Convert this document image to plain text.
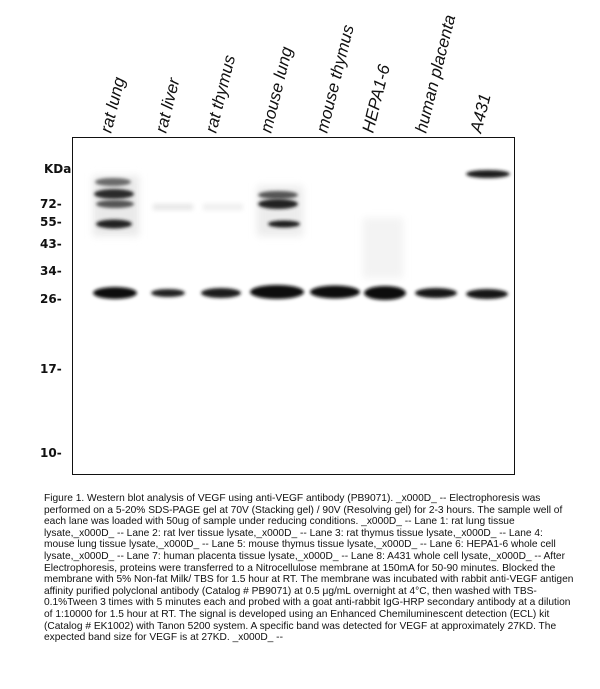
rat lung rat liver rat thymus mouse lung mouse thymus HEPA1-6 human placenta A431
KDa
72-
55-
43-
34-
26-
17-
10-

Figure 1. Western blot analysis of VEGF using anti-VEGF antibody (PB9071). _x000D_ -- Electrophoresis was performed on a 5-20% SDS-PAGE gel at 70V (Stacking gel) / 90V (Resolving gel) for 2-3 hours. The sample well of each lane was loaded with 50ug of sample under reducing conditions. _x000D_ -- Lane 1: rat lung tissue lysate,_x000D_ -- Lane 2: rat lver tissue lysate,_x000D_ -- Lane 3: rat thymus tissue lysate,_x000D_ -- Lane 4: mouse lung tissue lysate,_x000D_ -- Lane 5: mouse thymus tissue lysate,_x000D_ -- Lane 6: HEPA1-6 whole cell lysate,_x000D_ -- Lane 7: human placenta tissue lysate,_x000D_ -- Lane 8: A431 whole cell lysate,_x000D_ -- After Electrophoresis, proteins were transferred to a Nitrocellulose membrane at 150mA for 50-90 minutes. Blocked the membrane with 5% Non-fat Milk/ TBS for 1.5 hour at RT. The membrane was incubated with rabbit anti-VEGF antigen affinity purified polyclonal antibody (Catalog # PB9071) at 0.5 μg/mL overnight at 4°C, then washed with TBS-0.1%Tween 3 times with 5 minutes each and probed with a goat anti-rabbit IgG-HRP secondary antibody at a dilution of 1:10000 for 1.5 hour at RT. The signal is developed using an Enhanced Chemiluminescent detection (ECL) kit (Catalog # EK1002) with Tanon 5200 system. A specific band was detected for VEGF at approximately 27KD. The expected band size for VEGF is at 27KD. _x000D_ --
